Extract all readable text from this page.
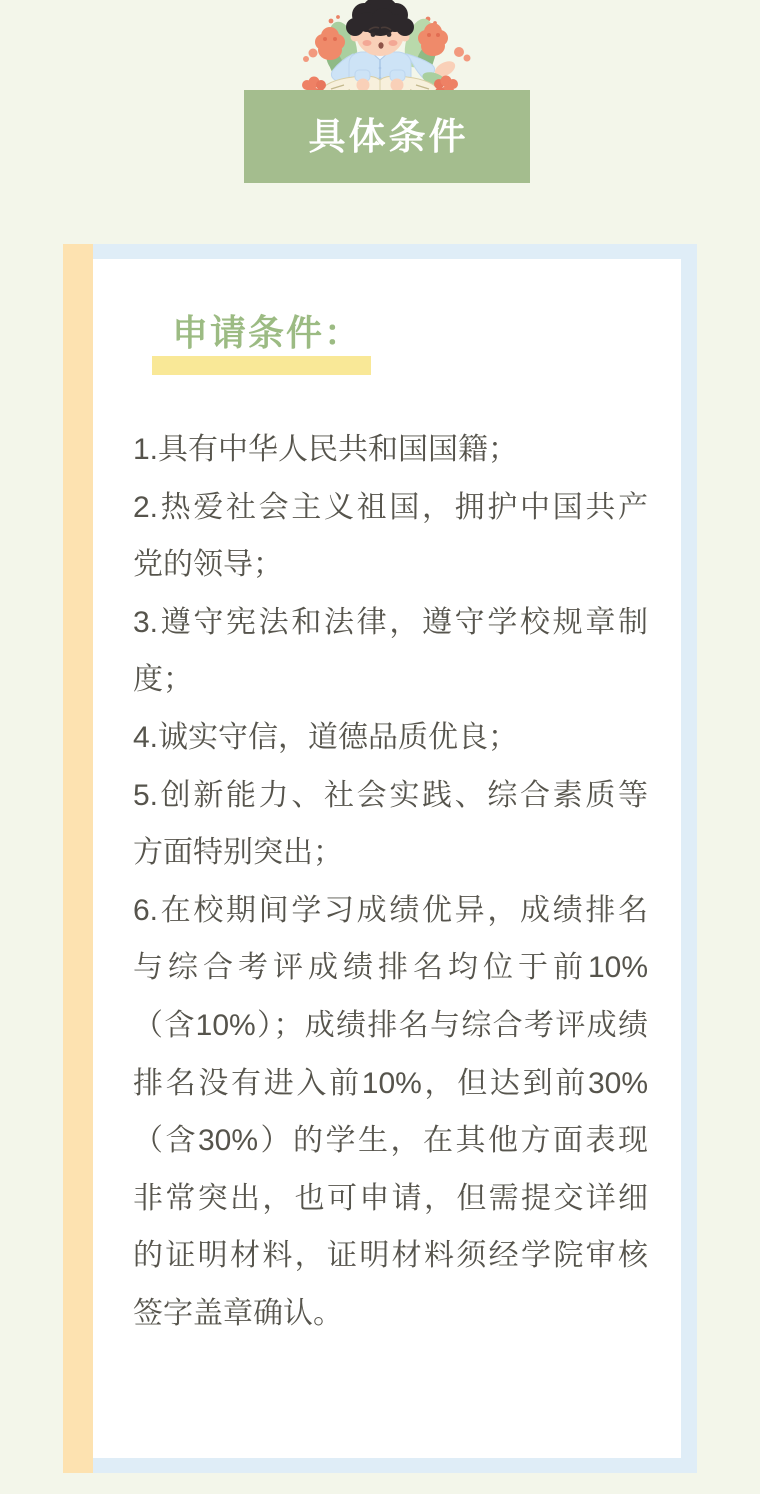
具体条件
申请条件：
1.具有中华人民共和国国籍；
2.热爱社会主义祖国，拥护中国共产
党的领导；
3.遵守宪法和法律，遵守学校规章制
度；
4.诚实守信，道德品质优良；
5.创新能力、社会实践、综合素质等
方面特别突出；
6.在校期间学习成绩优异，成绩排名
与综合考评成绩排名均位于前10%
（含10%）；成绩排名与综合考评成绩
排名没有进入前10%，但达到前30%
（含30%）的学生，在其他方面表现
非常突出，也可申请，但需提交详细
的证明材料，证明材料须经学院审核
签字盖章确认。
